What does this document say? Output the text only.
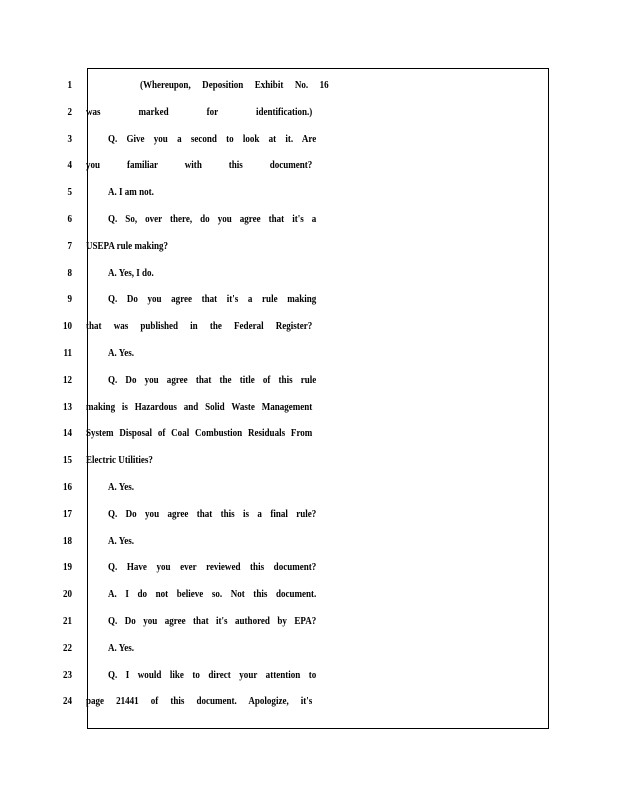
1	(Whereupon, Deposition Exhibit No. 16
2 was marked for identification.)
3	Q. Give you a second to look at it. Are
4 you familiar with this document?
5	A. I am not.
6	Q. So, over there, do you agree that it's a
7 USEPA rule making?
8	A. Yes, I do.
9	Q. Do you agree that it's a rule making
10 that was published in the Federal Register?
11	A. Yes.
12	Q. Do you agree that the title of this rule
13 making is Hazardous and Solid Waste Management
14 System Disposal of Coal Combustion Residuals From
15 Electric Utilities?
16	A. Yes.
17	Q. Do you agree that this is a final rule?
18	A. Yes.
19	Q. Have you ever reviewed this document?
20	A. I do not believe so. Not this document.
21	Q. Do you agree that it's authored by EPA?
22	A. Yes.
23	Q. I would like to direct your attention to
24 page 21441 of this document. Apologize, it's
